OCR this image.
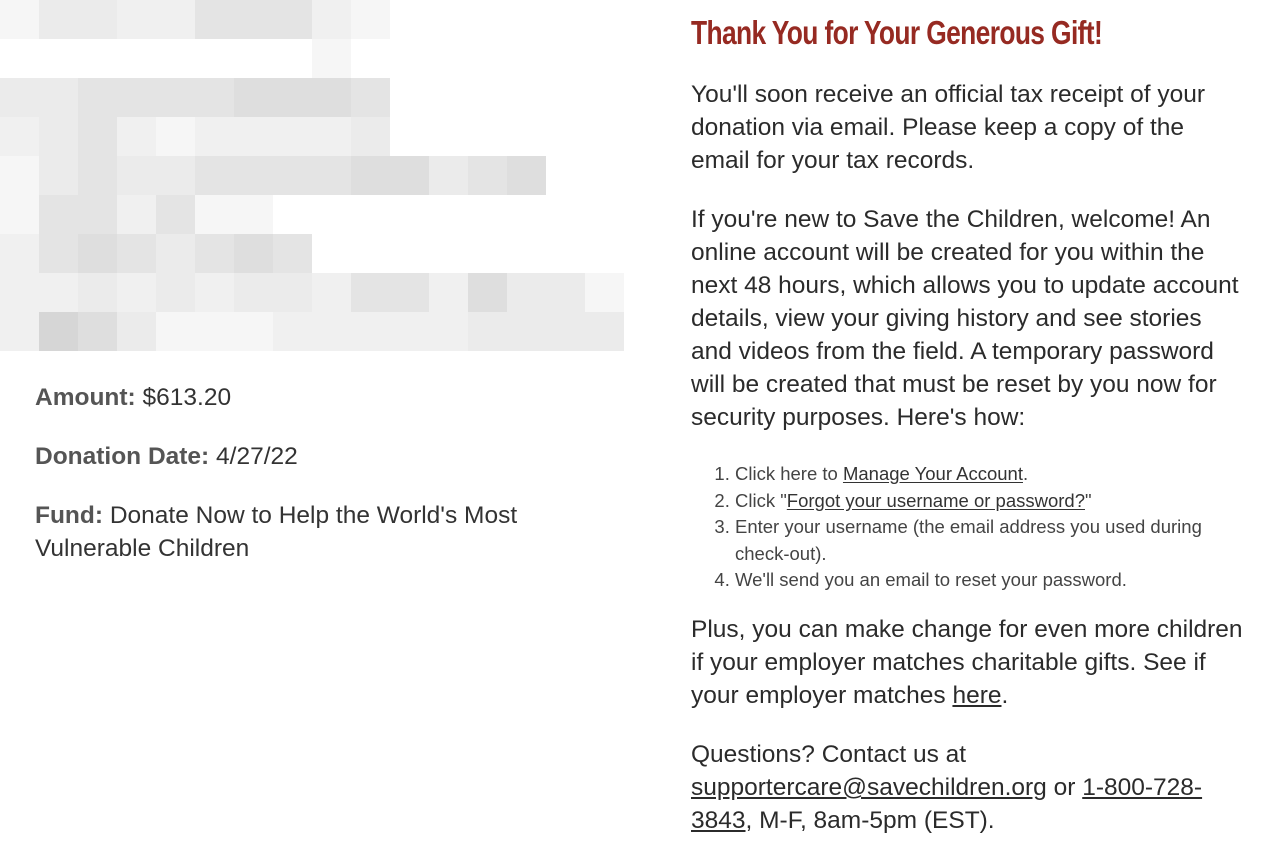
Amount: $613.20

Donation Date: 4/27/22

Fund: Donate Now to Help the World's Most Vulnerable Children

Thank You for Your Generous Gift!

You'll soon receive an official tax receipt of your donation via email. Please keep a copy of the email for your tax records.

If you're new to Save the Children, welcome! An online account will be created for you within the next 48 hours, which allows you to update account details, view your giving history and see stories and videos from the field. A temporary password will be created that must be reset by you now for security purposes. Here's how:

1. Click here to Manage Your Account.
2. Click "Forgot your username or password?"
3. Enter your username (the email address you used during check-out).
4. We'll send you an email to reset your password.

Plus, you can make change for even more children if your employer matches charitable gifts. See if your employer matches here.

Questions? Contact us at supportercare@savechildren.org or 1-800-728-3843, M-F, 8am-5pm (EST).
